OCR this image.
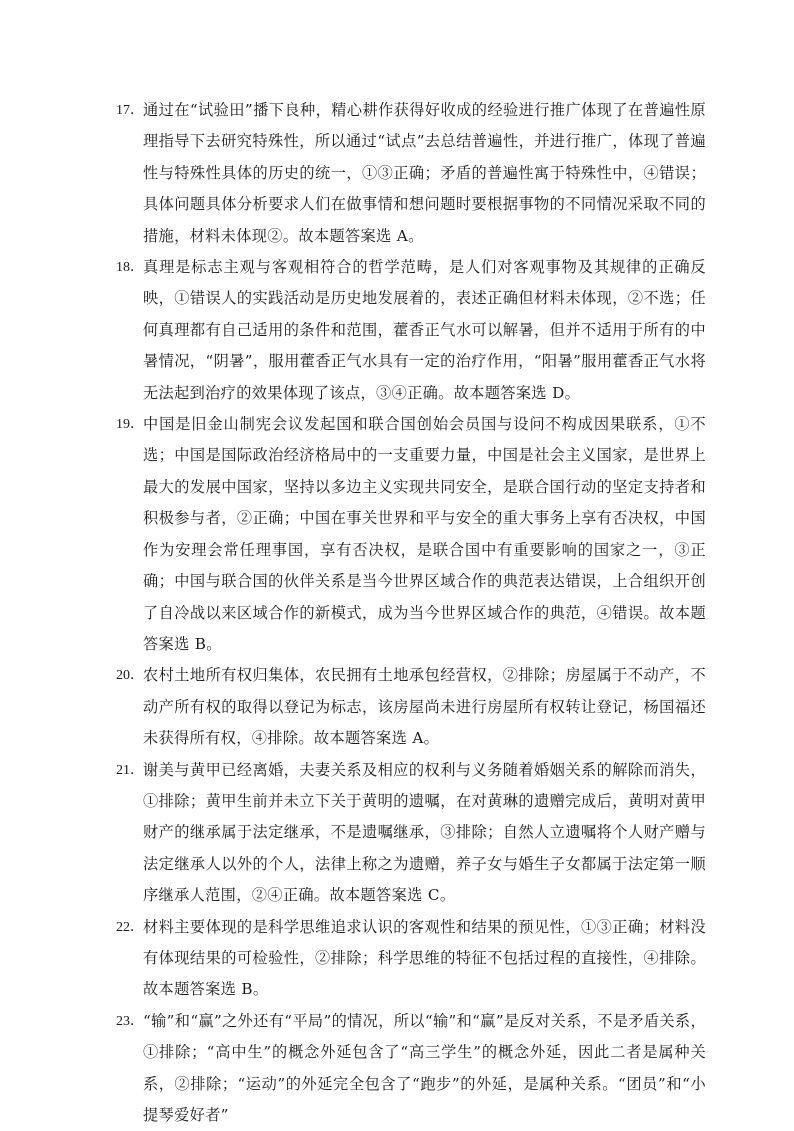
17． 通过在“试验田”播下良种，精心耕作获得好收成的经验进行推广体现了在普遍性原理指导下去研究特殊性，所以通过“试点”去总结普遍性，并进行推广，体现了普遍性与特殊性具体的历史的统一，①③正确；矛盾的普遍性寓于特殊性中，④错误；具体问题具体分析要求人们在做事情和想问题时要根据事物的不同情况采取不同的措施，材料未体现②。故本题答案选 A。
18． 真理是标志主观与客观相符合的哲学范畴，是人们对客观事物及其规律的正确反映，①错误人的实践活动是历史地发展着的，表述正确但材料未体现，②不选；任何真理都有自己适用的条件和范围，藿香正气水可以解暑，但并不适用于所有的中暑情况，“阴暑”，服用藿香正气水具有一定的治疗作用，“阳暑”服用藿香正气水将无法起到治疗的效果体现了该点，③④正确。故本题答案选 D。
19． 中国是旧金山制宪会议发起国和联合国创始会员国与设问不构成因果联系，①不选；中国是国际政治经济格局中的一支重要力量，中国是社会主义国家，是世界上最大的发展中国家，坚持以多边主义实现共同安全，是联合国行动的坚定支持者和积极参与者，②正确；中国在事关世界和平与安全的重大事务上享有否决权，中国作为安理会常任理事国，享有否决权，是联合国中有重要影响的国家之一，③正确；中国与联合国的伙伴关系是当今世界区域合作的典范表达错误，上合组织开创了自冷战以来区域合作的新模式，成为当今世界区域合作的典范，④错误。故本题答案选 B。
20． 农村土地所有权归集体，农民拥有土地承包经营权，②排除；房屋属于不动产，不动产所有权的取得以登记为标志，该房屋尚未进行房屋所有权转让登记，杨国福还未获得所有权，④排除。故本题答案选 A。
21． 谢美与黄甲已经离婚，夫妻关系及相应的权利与义务随着婚姻关系的解除而消失，①排除；黄甲生前并未立下关于黄明的遗嘱，在对黄琳的遗赠完成后，黄明对黄甲财产的继承属于法定继承，不是遗嘱继承，③排除；自然人立遗嘱将个人财产赠与法定继承人以外的个人，法律上称之为遗赠，养子女与婚生子女都属于法定第一顺序继承人范围，②④正确。故本题答案选 C。
22． 材料主要体现的是科学思维追求认识的客观性和结果的预见性，①③正确；材料没有体现结果的可检验性，②排除；科学思维的特征不包括过程的直接性，④排除。故本题答案选 B。
23． “输”和“赢”之外还有“平局”的情况，所以“输”和“赢”是反对关系，不是矛盾关系，①排除；“高中生”的概念外延包含了“高三学生”的概念外延，因此二者是属种关系，②排除；“运动”的外延完全包含了“跑步”的外延，是属种关系。“团员”和“小提琴爱好者”
